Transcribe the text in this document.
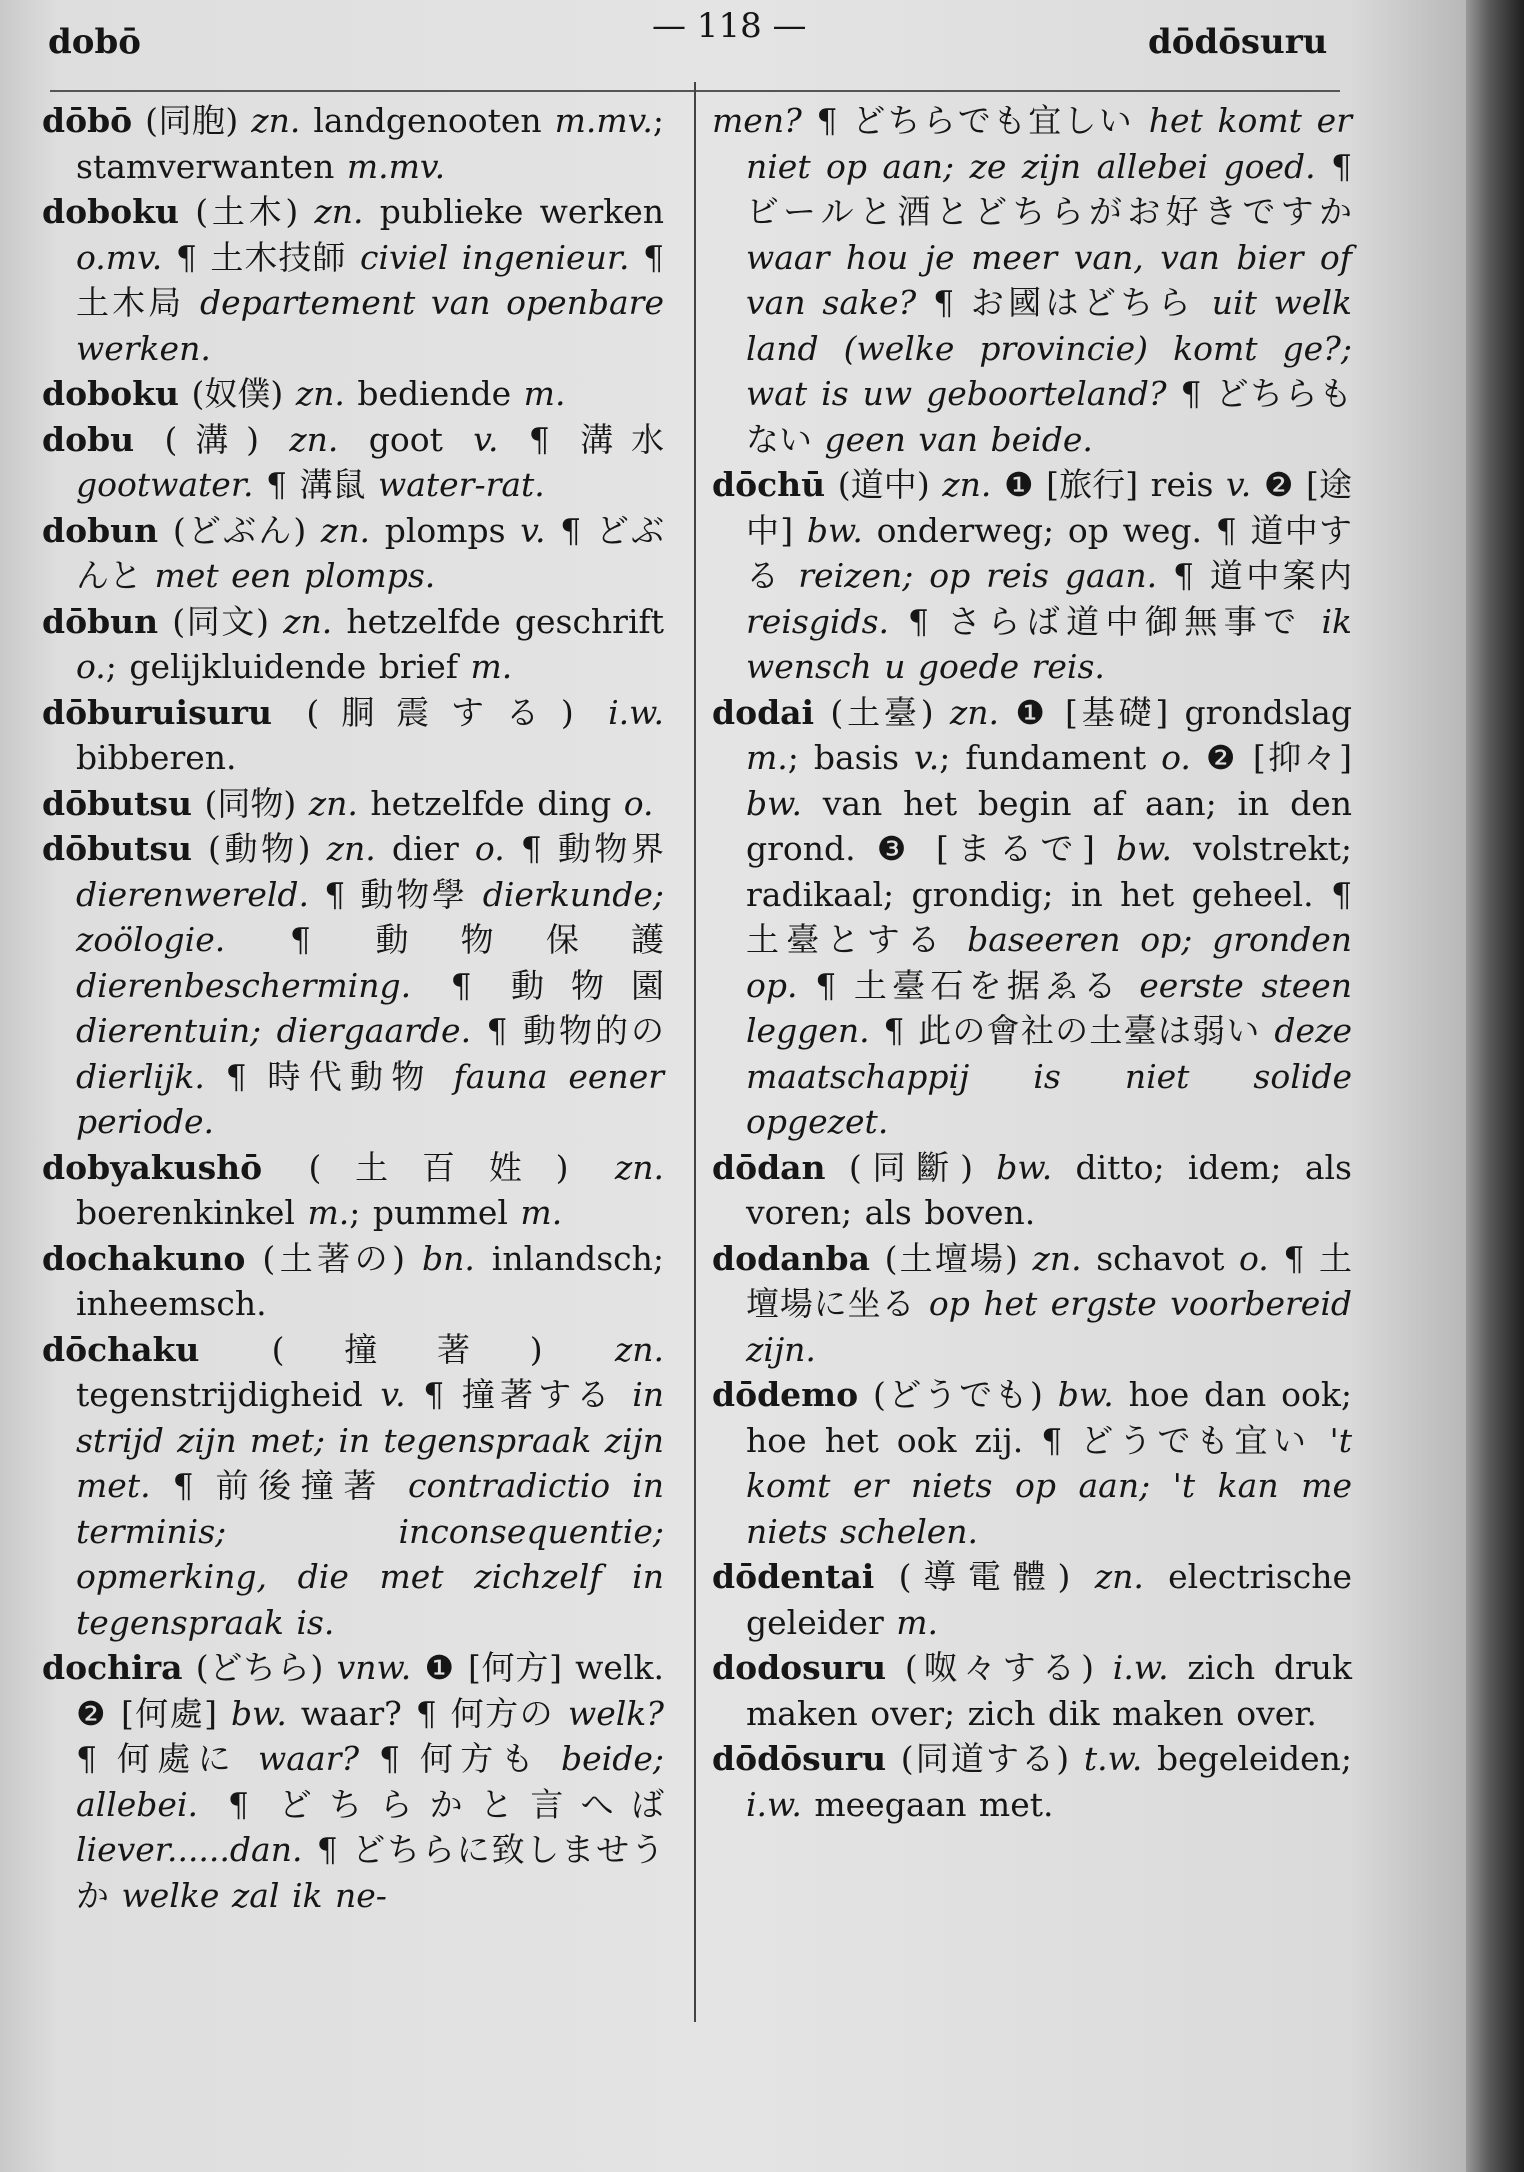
dobō	— 118 —	dōdōsuru

dōbō (同胞) zn. landgenooten m.mv.; stamverwanten m.mv.

doboku (土木) zn. publieke werken o.mv. ¶ 土木技師 civiel ingenieur. ¶ 土木局 departement van openbare werken.

doboku (奴僕) zn. bediende m.

dobu (溝) zn. goot v. ¶ 溝水 gootwater. ¶ 溝鼠 water-rat.

dobun (どぶん) zn. plomps v. ¶ どぶんと met een plomps.

dōbun (同文) zn. hetzelfde geschrift o.; gelijkluidende brief m.

dōburuisuru (胴震する) i.w. bibberen.

dōbutsu (同物) zn. hetzelfde ding o.

dōbutsu (動物) zn. dier o. ¶ 動物界 dierenwereld. ¶ 動物學 dierkunde; zoölogie. ¶ 動物保護 dierenbescherming. ¶ 動物園 dierentuin; diergaarde. ¶ 動物的の dierlijk. ¶ 時代動物 fauna eener periode.

dobyakushō (土百姓) zn. boerenkinkel m.; pummel m.

dochakuno (土著の) bn. inlandsch; inheemsch.

dōchaku (撞著) zn. tegenstrijdigheid v. ¶ 撞著する in strijd zijn met; in tegenspraak zijn met. ¶ 前後撞著 contradictio in terminis; inconsequentie; opmerking, die met zichzelf in tegenspraak is.

dochira (どちら) vnw. ❶ [何方] welk. ❷ [何處] bw. waar? ¶ 何方の welk? ¶ 何處に waar? ¶ 何方も beide; allebei. ¶ どちらかと言へば liever......dan. ¶ どちらに致しませうか welke zal ik ne-

men? ¶ どちらでも宜しい het komt er niet op aan; ze zijn allebei goed. ¶ ビールと酒とどちらがお好きですか waar hou je meer van, van bier of van sake? ¶ お國はどちら uit welk land (welke provincie) komt ge?; wat is uw geboorteland? ¶ どちらもない geen van beide.

dōchū (道中) zn. ❶ [旅行] reis v. ❷ [途中] bw. onderweg; op weg. ¶ 道中する reizen; op reis gaan. ¶ 道中案内 reisgids. ¶ さらば道中御無事で ik wensch u goede reis.

dodai (土臺) zn. ❶ [基礎] grondslag m.; basis v.; fundament o. ❷ [抑々] bw. van het begin af aan; in den grond. ❸ [まるで] bw. volstrekt; radikaal; grondig; in het geheel. ¶ 土臺とする baseeren op; gronden op. ¶ 土臺石を据ゑる eerste steen leggen. ¶ 此の會社の土臺は弱い deze maatschappij is niet solide opgezet.

dōdan (同斷) bw. ditto; idem; als voren; als boven.

dodanba (土壇場) zn. schavot o. ¶ 土壇場に坐る op het ergste voorbereid zijn.

dōdemo (どうでも) bw. hoe dan ook; hoe het ook zij. ¶ どうでも宜い 't komt er niets op aan; 't kan me niets schelen.

dōdentai (導電體) zn. electrische geleider m.

dodosuru (呶々する) i.w. zich druk maken over; zich dik maken over.

dōdōsuru (同道する) t.w. begeleiden; i.w. meegaan met.
